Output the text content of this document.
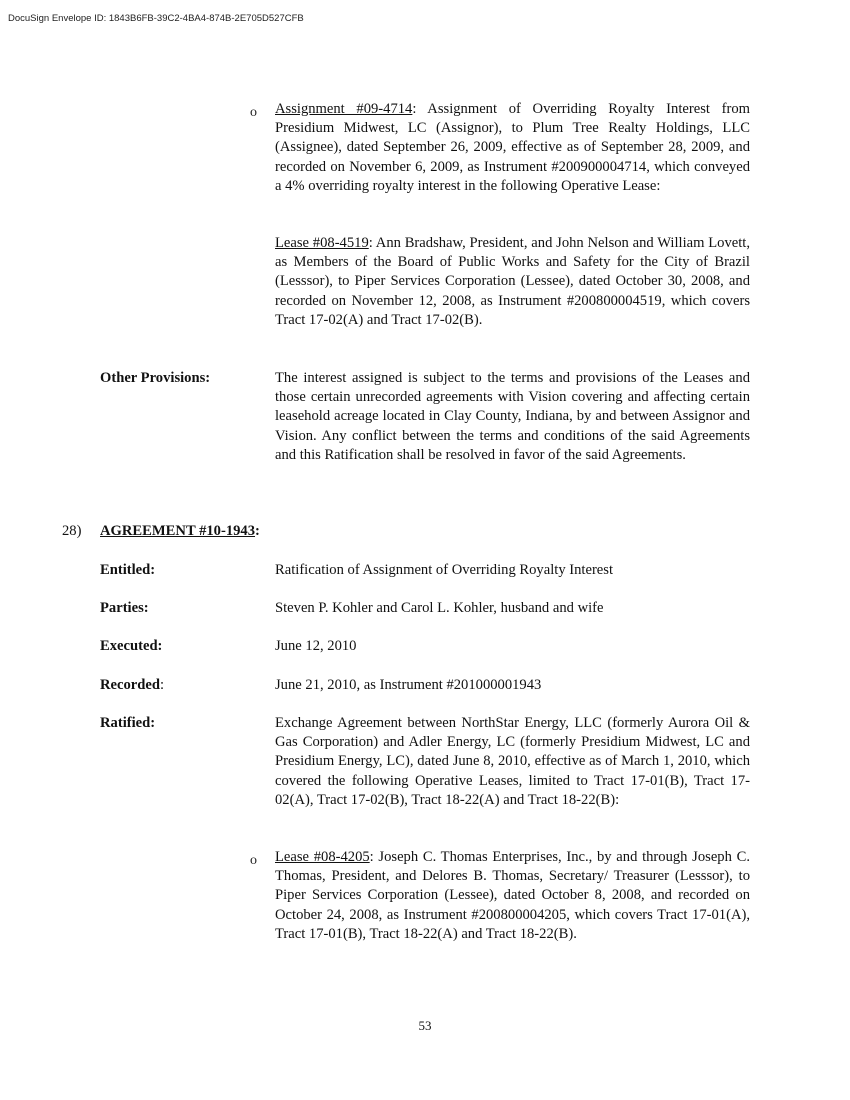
DocuSign Envelope ID: 1843B6FB-39C2-4BA4-874B-2E705D527CFB
o Assignment #09-4714: Assignment of Overriding Royalty Interest from Presidium Midwest, LC (Assignor), to Plum Tree Realty Holdings, LLC (Assignee), dated September 26, 2009, effective as of September 28, 2009, and recorded on November 6, 2009, as Instrument #200900004714, which conveyed a 4% overriding royalty interest in the following Operative Lease:

Lease #08-4519: Ann Bradshaw, President, and John Nelson and William Lovett, as Members of the Board of Public Works and Safety for the City of Brazil (Lesssor), to Piper Services Corporation (Lessee), dated October 30, 2008, and recorded on November 12, 2008, as Instrument #200800004519, which covers Tract 17-02(A) and Tract 17-02(B).

Other Provisions:	The interest assigned is subject to the terms and provisions of the Leases and those certain unrecorded agreements with Vision covering and affecting certain leasehold acreage located in Clay County, Indiana, by and between Assignor and Vision. Any conflict between the terms and conditions of the said Agreements and this Ratification shall be resolved in favor of the said Agreements.

28) AGREEMENT #10-1943:
Entitled:	Ratification of Assignment of Overriding Royalty Interest
Parties:	Steven P. Kohler and Carol L. Kohler, husband and wife
Executed:	June 12, 2010
Recorded:	June 21, 2010, as Instrument #201000001943
Ratified:	Exchange Agreement between NorthStar Energy, LLC (formerly Aurora Oil & Gas Corporation) and Adler Energy, LC (formerly Presidium Midwest, LC and Presidium Energy, LC), dated June 8, 2010, effective as of March 1, 2010, which covered the following Operative Leases, limited to Tract 17-01(B), Tract 17-02(A), Tract 17-02(B), Tract 18-22(A) and Tract 18-22(B):

o Lease #08-4205: Joseph C. Thomas Enterprises, Inc., by and through Joseph C. Thomas, President, and Delores B. Thomas, Secretary/ Treasurer (Lesssor), to Piper Services Corporation (Lessee), dated October 8, 2008, and recorded on October 24, 2008, as Instrument #200800004205, which covers Tract 17-01(A), Tract 17-01(B), Tract 18-22(A) and Tract 18-22(B).

53
